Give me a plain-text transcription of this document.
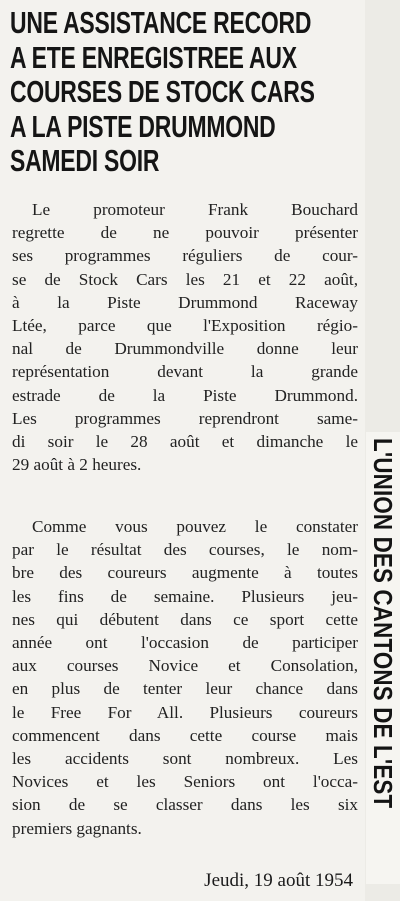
UNE ASSISTANCE RECORD
A ETE ENREGISTREE AUX
COURSES DE STOCK CARS
A LA PISTE DRUMMOND
SAMEDI SOIR

Le promoteur Frank Bouchard
regrette de ne pouvoir présenter
ses programmes réguliers de cour-
se de Stock Cars les 21 et 22 août,
à la Piste Drummond Raceway
Ltée, parce que l'Exposition régio-
nal de Drummondville donne leur
représentation devant la grande
estrade de la Piste Drummond.
Les programmes reprendront same-
di soir le 28 août et dimanche le
29 août à 2 heures.

Comme vous pouvez le constater
par le résultat des courses, le nom-
bre des coureurs augmente à toutes
les fins de semaine. Plusieurs jeu-
nes qui débutent dans ce sport cette
année ont l'occasion de participer
aux courses Novice et Consolation,
en plus de tenter leur chance dans
le Free For All. Plusieurs coureurs
commencent dans cette course mais
les accidents sont nombreux. Les
Novices et les Seniors ont l'occa-
sion de se classer dans les six
premiers gagnants.

Jeudi, 19 août 1954

L'UNION DES CANTONS DE L'EST
